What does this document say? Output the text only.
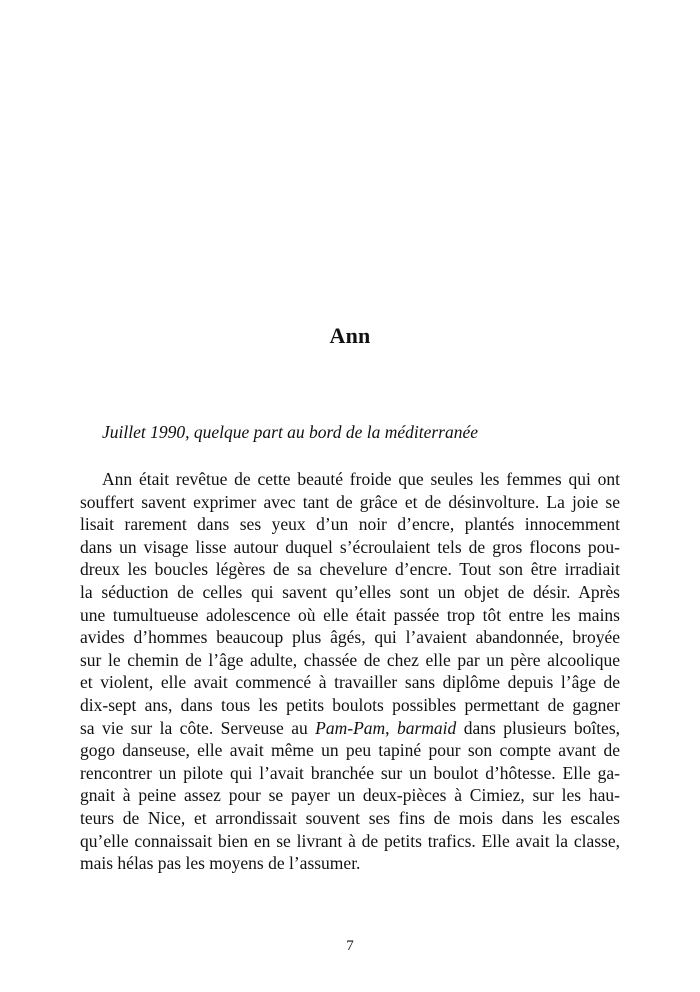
Ann
Juillet 1990, quelque part au bord de la méditerranée
Ann était revêtue de cette beauté froide que seules les femmes qui ont
souffert savent exprimer avec tant de grâce et de désinvolture. La joie se
lisait rarement dans ses yeux d’un noir d’encre, plantés innocemment
dans un visage lisse autour duquel s’écroulaient tels de gros flocons pou-
dreux les boucles légères de sa chevelure d’encre. Tout son être irradiait
la séduction de celles qui savent qu’elles sont un objet de désir. Après
une tumultueuse adolescence où elle était passée trop tôt entre les mains
avides d’hommes beaucoup plus âgés, qui l’avaient abandonnée, broyée
sur le chemin de l’âge adulte, chassée de chez elle par un père alcoolique
et violent, elle avait commencé à travailler sans diplôme depuis l’âge de
dix-sept ans, dans tous les petits boulots possibles permettant de gagner
sa vie sur la côte. Serveuse au Pam-Pam, barmaid dans plusieurs boîtes,
gogo danseuse, elle avait même un peu tapiné pour son compte avant de
rencontrer un pilote qui l’avait branchée sur un boulot d’hôtesse. Elle ga-
gnait à peine assez pour se payer un deux-pièces à Cimiez, sur les hau-
teurs de Nice, et arrondissait souvent ses fins de mois dans les escales
qu’elle connaissait bien en se livrant à de petits trafics. Elle avait la classe,
mais hélas pas les moyens de l’assumer.
7
